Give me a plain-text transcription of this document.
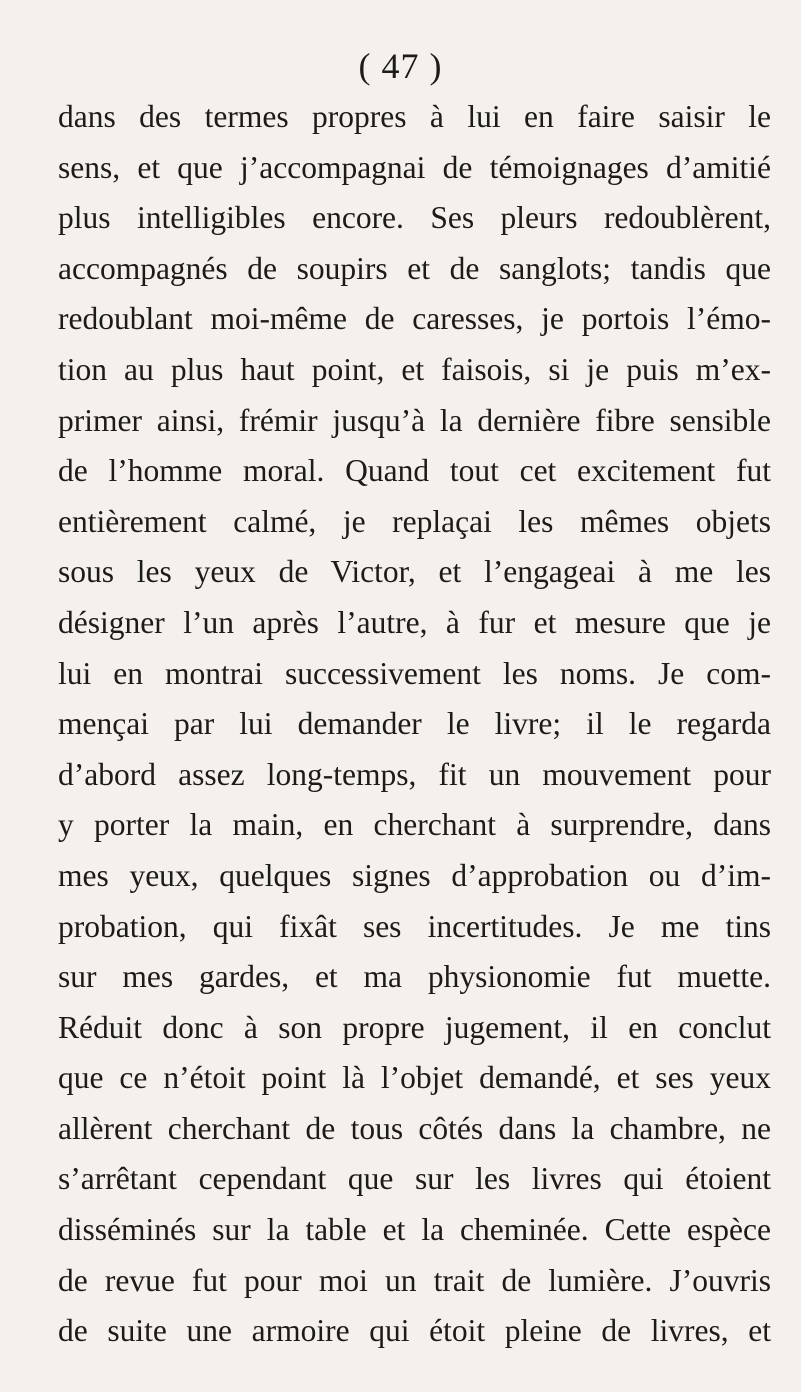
( 47 )
dans des termes propres à lui en faire saisir le
sens, et que j’accompagnai de témoignages d’amitié
plus intelligibles encore. Ses pleurs redoublèrent,
accompagnés de soupirs et de sanglots; tandis que
redoublant moi-même de caresses, je portois l’émo-
tion au plus haut point, et faisois, si je puis m’ex-
primer ainsi, frémir jusqu’à la dernière fibre sensible
de l’homme moral. Quand tout cet excitement fut
entièrement calmé, je replaçai les mêmes objets
sous les yeux de Victor, et l’engageai à me les
désigner l’un après l’autre, à fur et mesure que je
lui en montrai successivement les noms. Je com-
mençai par lui demander le livre; il le regarda
d’abord assez long-temps, fit un mouvement pour
y porter la main, en cherchant à surprendre, dans
mes yeux, quelques signes d’approbation ou d’im-
probation, qui fixât ses incertitudes. Je me tins
sur mes gardes, et ma physionomie fut muette.
Réduit donc à son propre jugement, il en conclut
que ce n’étoit point là l’objet demandé, et ses yeux
allèrent cherchant de tous côtés dans la chambre, ne
s’arrêtant cependant que sur les livres qui étoient
disséminés sur la table et la cheminée. Cette espèce
de revue fut pour moi un trait de lumière. J’ouvris
de suite une armoire qui étoit pleine de livres, et
